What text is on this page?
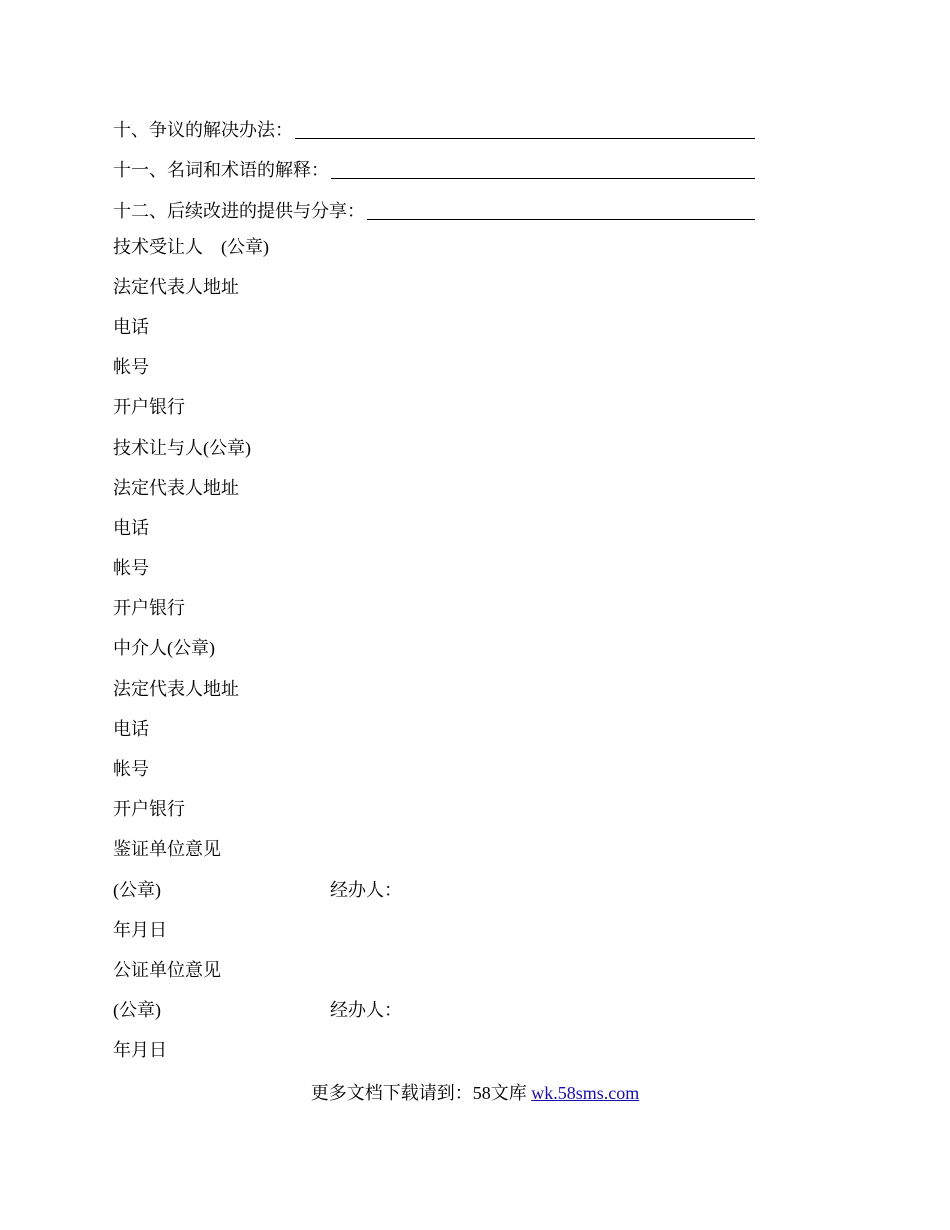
十、争议的解决办法：
十一、名词和术语的解释：
十二、后续改进的提供与分享：
技术受让人　(公章)
法定代表人地址
电话
帐号
开户银行
技术让与人(公章)
法定代表人地址
电话
帐号
开户银行
中介人(公章)
法定代表人地址
电话
帐号
开户银行
鉴证单位意见
(公章)	经办人：
年月日
公证单位意见
(公章)	经办人：
年月日
更多文档下载请到：58文库 wk.58sms.com
